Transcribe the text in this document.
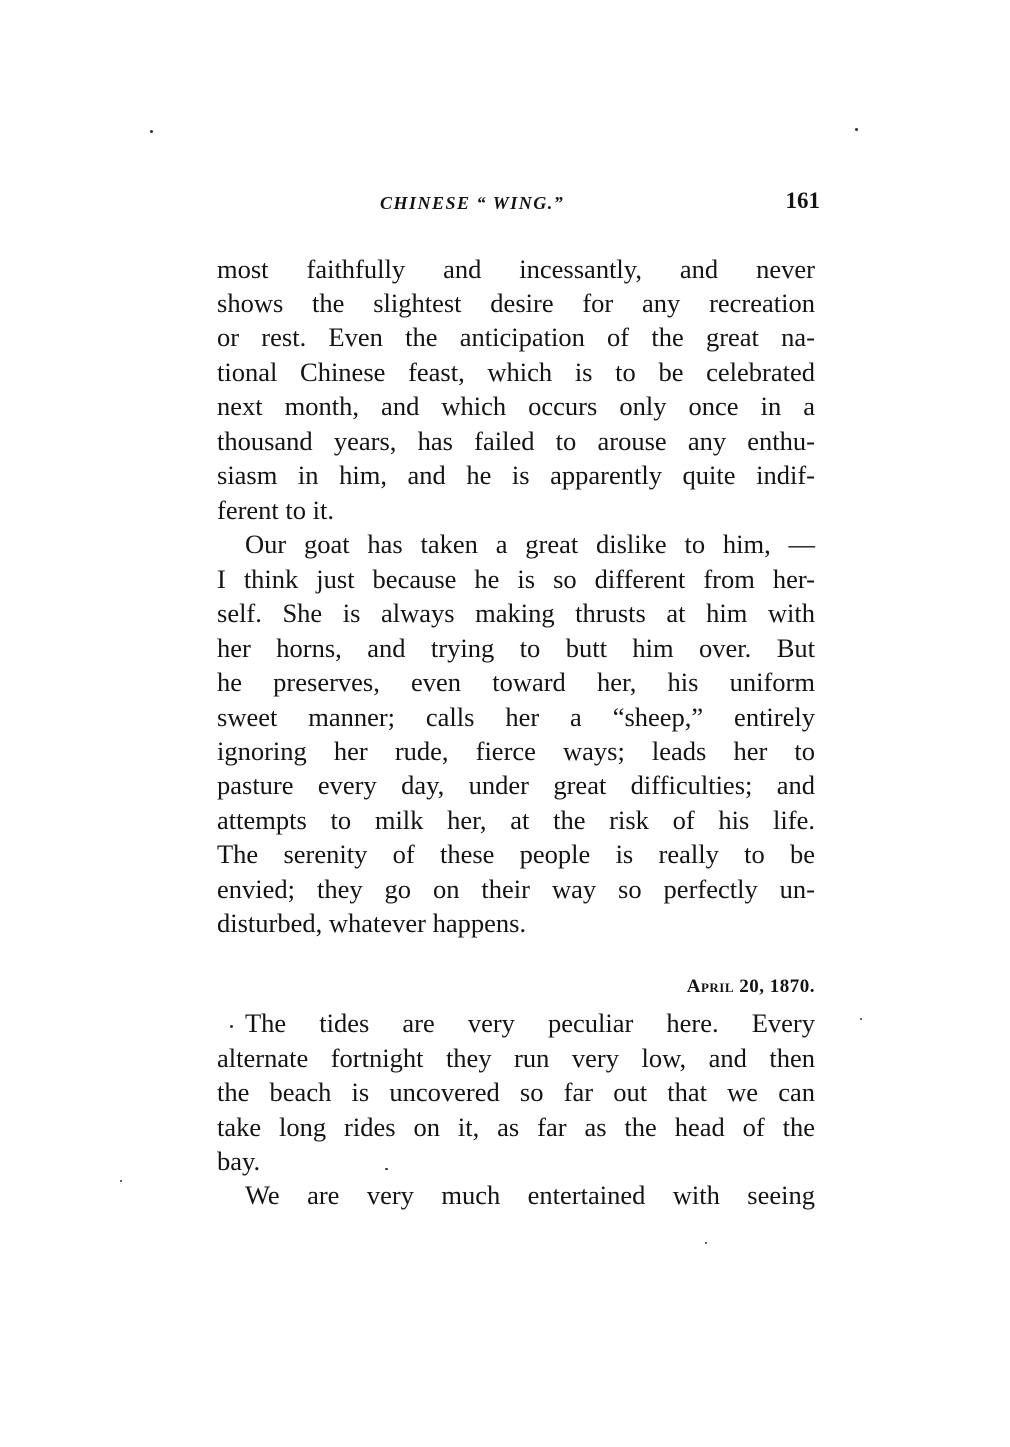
CHINESE “ WING.”	161
most faithfully and incessantly, and never
shows the slightest desire for any recreation
or rest. Even the anticipation of the great na-
tional Chinese feast, which is to be celebrated
next month, and which occurs only once in a
thousand years, has failed to arouse any enthu-
siasm in him, and he is apparently quite indif-
ferent to it.
Our goat has taken a great dislike to him, —
I think just because he is so different from her-
self. She is always making thrusts at him with
her horns, and trying to butt him over. But
he preserves, even toward her, his uniform
sweet manner; calls her a “sheep,” entirely
ignoring her rude, fierce ways; leads her to
pasture every day, under great difficulties; and
attempts to milk her, at the risk of his life.
The serenity of these people is really to be
envied; they go on their way so perfectly un-
disturbed, whatever happens.
April 20, 1870.
The tides are very peculiar here. Every
alternate fortnight they run very low, and then
the beach is uncovered so far out that we can
take long rides on it, as far as the head of the
bay.
We are very much entertained with seeing
